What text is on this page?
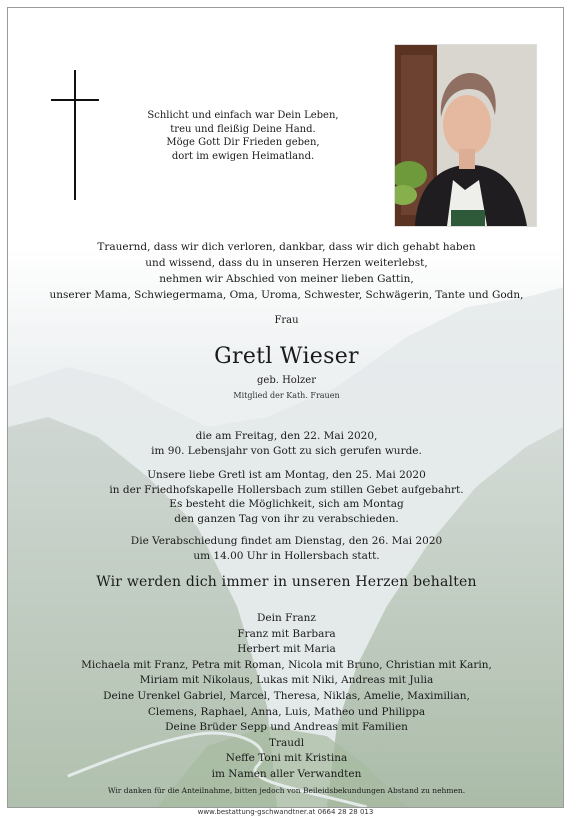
Schlicht und einfach war Dein Leben,
treu und fleißig Deine Hand.
Möge Gott Dir Frieden geben,
dort im ewigen Heimatland.
Trauernd, dass wir dich verloren, dankbar, dass wir dich gehabt haben
und wissend, dass du in unseren Herzen weiterlebst,
nehmen wir Abschied von meiner lieben Gattin,
unserer Mama, Schwiegermama, Oma, Uroma, Schwester, Schwägerin, Tante und Godn,
Frau
Gretl Wieser
geb. Holzer
Mitglied der Kath. Frauen
die am Freitag, den 22. Mai 2020,
im 90. Lebensjahr von Gott zu sich gerufen wurde.
Unsere liebe Gretl ist am Montag, den 25. Mai 2020
in der Friedhofskapelle Hollersbach zum stillen Gebet aufgebahrt.
Es besteht die Möglichkeit, sich am Montag
den ganzen Tag von ihr zu verabschieden.
Die Verabschiedung findet am Dienstag, den 26. Mai 2020
um 14.00 Uhr in Hollersbach statt.
Wir werden dich immer in unseren Herzen behalten
Dein Franz
Franz mit Barbara
Herbert mit Maria
Michaela mit Franz, Petra mit Roman, Nicola mit Bruno, Christian mit Karin,
Miriam mit Nikolaus, Lukas mit Niki, Andreas mit Julia
Deine Urenkel Gabriel, Marcel, Theresa, Niklas, Amelie, Maximilian,
Clemens, Raphael, Anna, Luis, Matheo und Philippa
Deine Brüder Sepp und Andreas mit Familien
Traudl
Neffe Toni mit Kristina
im Namen aller Verwandten
Wir danken für die Anteilnahme, bitten jedoch von Beileidsbekundungen Abstand zu nehmen.
www.bestattung-gschwandtner.at 0664 28 28 013
